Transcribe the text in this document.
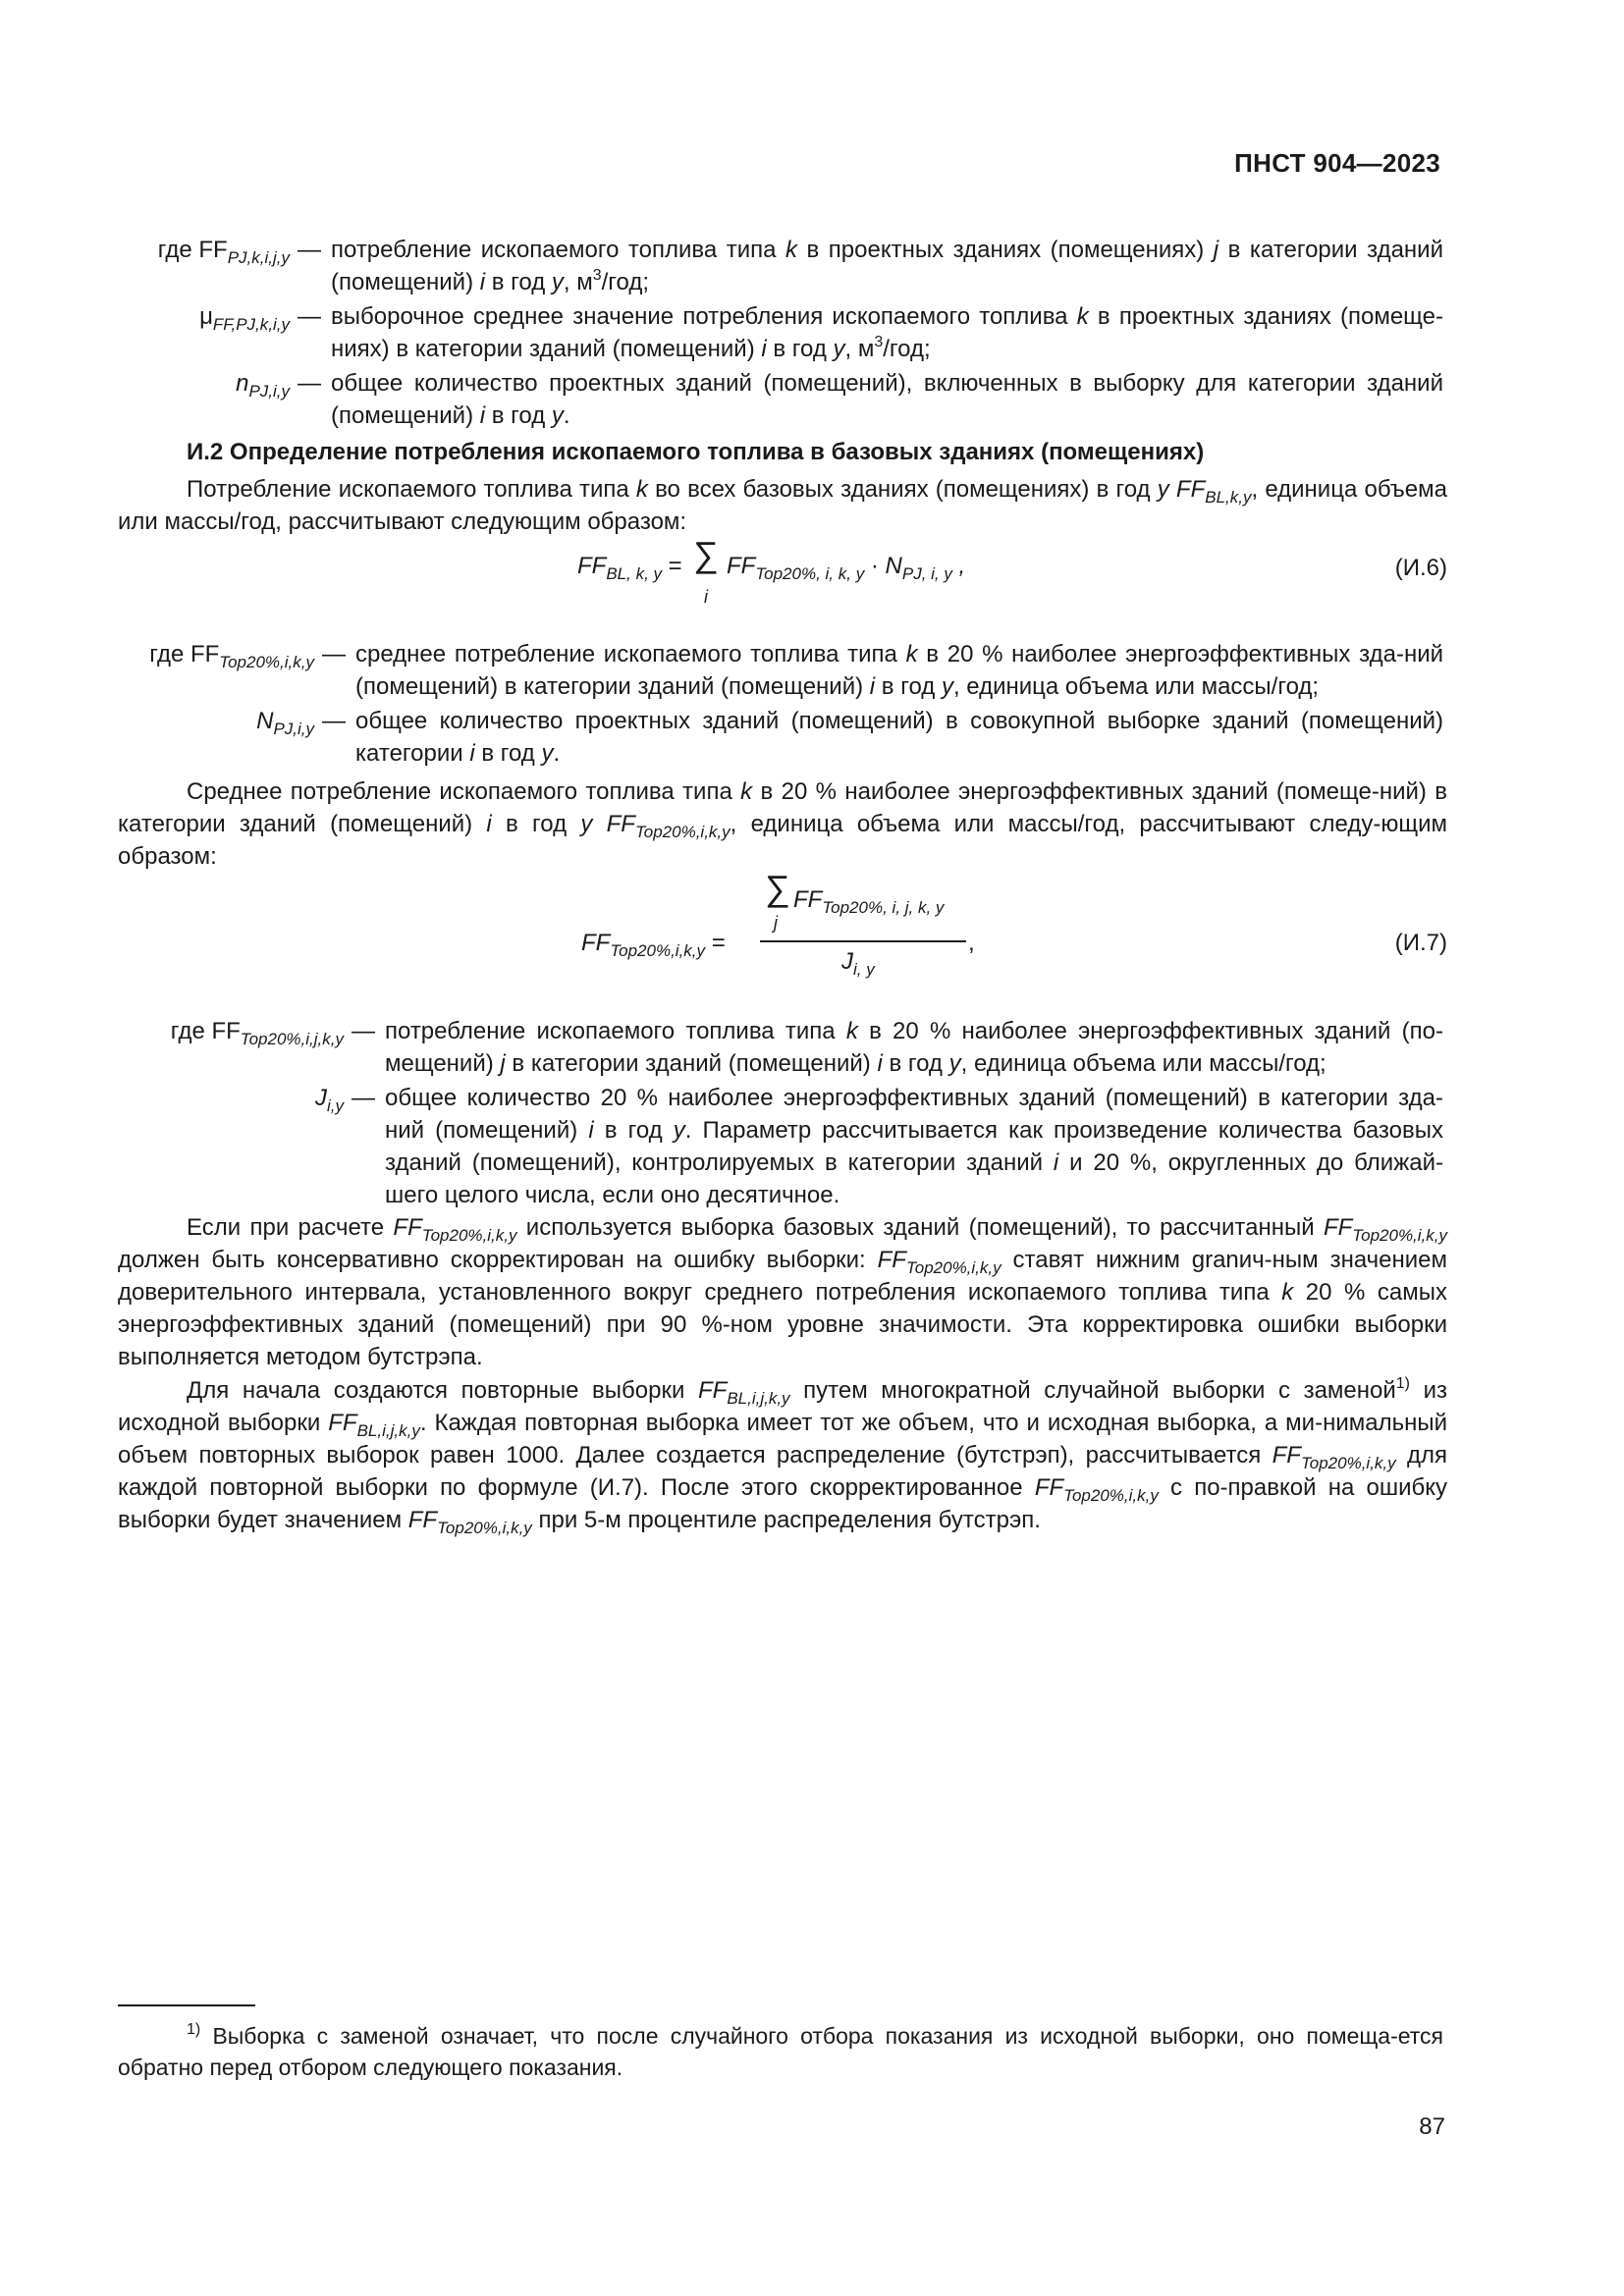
ПНСТ 904—2023
где $FF_{PJ,k,i,j,y}$ — потребление ископаемого топлива типа k в проектных зданиях (помещениях) j в категории зданий (помещений) i в год y, $м^3$/год;
$\mu_{FF,PJ,k,i,y}$ — выборочное среднее значение потребления ископаемого топлива k в проектных зданиях (помеще-ниях) в категории зданий (помещений) i в год y, $м^3$/год;
$n_{PJ,i,y}$ — общее количество проектных зданий (помещений), включенных в выборку для категории зданий (помещений) i в год y.
И.2 Определение потребления ископаемого топлива в базовых зданиях (помещениях)
Потребление ископаемого топлива типа k во всех базовых зданиях (помещениях) в год y $FF_{BL,k,y}$, единица объема или массы/год, рассчитывают следующим образом:
$FF_{BL, k, y}$ = ∑
i
$FF_{Top20\%, i, k, y} \cdot N_{PJ, i, y}$ ,	(И.6)
где $FF_{Top20\%,i,k,y}$ — среднее потребление ископаемого топлива типа k в 20 % наиболее энергоэффективных зда-ний (помещений) в категории зданий (помещений) i в год y, единица объема или массы/год;
$N_{PJ,i,y}$ — общее количество проектных зданий (помещений) в совокупной выборке зданий (помещений) категории i в год y.
Среднее потребление ископаемого топлива типа k в 20 % наиболее энергоэффективных зданий (помеще-ний) в категории зданий (помещений) i в год y $FF_{Top20\%,i,k,y}$, единица объема или массы/год, рассчитывают следу-ющим образом:
$FF_{Top20\%,i,k,y}$ =
∑
j
$FF_{Top20\%, i, j, k, y}$
$J_{i, y}$
,	(И.7)
где $FF_{Top20\%,i,j,k,y}$ — потребление ископаемого топлива типа k в 20 % наиболее энергоэффективных зданий (по-мещений) j в категории зданий (помещений) i в год y, единица объема или массы/год;
$J_{i,y}$ — общее количество 20 % наиболее энергоэффективных зданий (помещений) в категории зда-ний (помещений) i в год y. Параметр рассчитывается как произведение количества базовых зданий (помещений), контролируемых в категории зданий i и 20 %, округленных до ближай-шего целого числа, если оно десятичное.
Если при расчете $FF_{Top20\%,i,k,y}$ используется выборка базовых зданий (помещений), то рассчитанный $FF_{Top20\%,i,k,y}$ должен быть консервативно скорректирован на ошибку выборки: $FF_{Top20\%,i,k,y}$ ставят нижним granич-ным значением доверительного интервала, установленного вокруг среднего потребления ископаемого топлива типа k 20 % самых энергоэффективных зданий (помещений) при 90 %-ном уровне значимости. Эта корректировка ошибки выборки выполняется методом бутстрэпа.
Для начала создаются повторные выборки $FF_{BL,i,j,k,y}$ путем многократной случайной выборки с заменой$^{1)}$ из исходной выборки $FF_{BL,i,j,k,y}$. Каждая повторная выборка имеет тот же объем, что и исходная выборка, а ми-нимальный объем повторных выборок равен 1000. Далее создается распределение (бутстрэп), рассчитывается $FF_{Top20\%,i,k,y}$ для каждой повторной выборки по формуле (И.7). После этого скорректированное $FF_{Top20\%,i,k,y}$ с по-правкой на ошибку выборки будет значением $FF_{Top20\%,i,k,y}$ при 5-м процентиле распределения бутстрэп.
$^{1)}$ Выборка с заменой означает, что после случайного отбора показания из исходной выборки, оно помеща-ется обратно перед отбором следующего показания.
87
